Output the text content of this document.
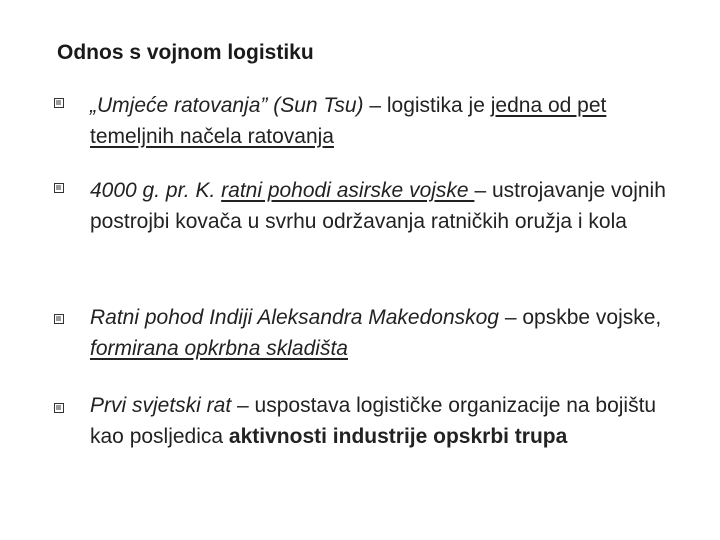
Odnos s vojnom logistiku
„Umjeće ratovanja” (Sun Tsu) – logistika je jedna od pet temeljnih načela ratovanja
4000 g. pr. K. ratni pohodi asirske vojske – ustrojavanje vojnih postrojbi kovača u svrhu održavanja ratničkih oružja i kola
Ratni pohod Indiji Aleksandra Makedonskog – opskbe vojske, formirana opkrbna skladišta
Prvi svjetski rat – uspostava logističke organizacije na bojištu kao posljedica aktivnosti industrije opskrbi trupa
